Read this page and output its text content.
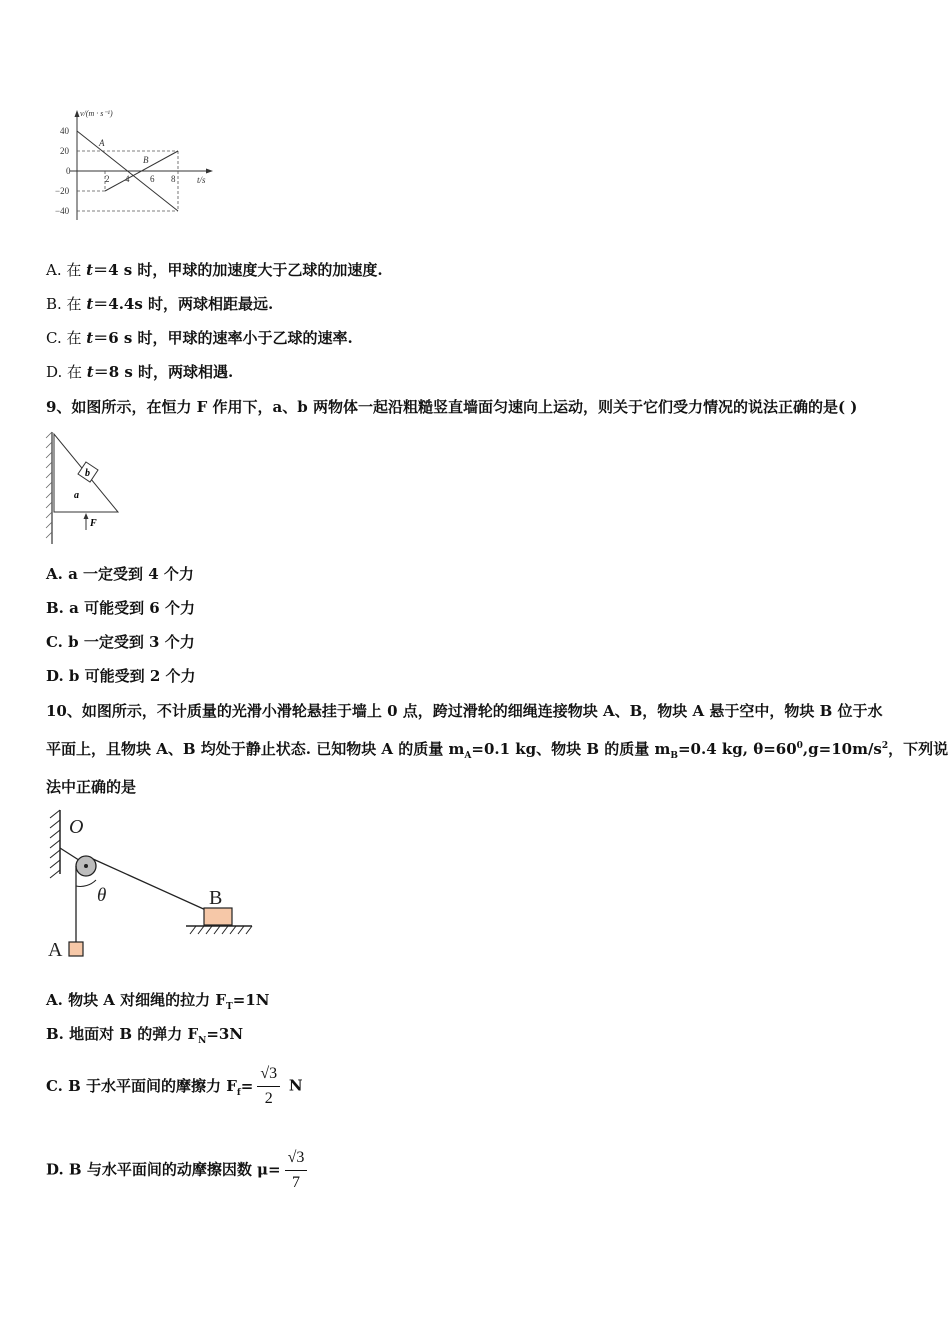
v/(m · s⁻¹)
t/s
40
20
0
−20
−40
2 4 6 8
A
B
A. 在 t＝4 s 时，甲球的加速度大于乙球的加速度.
B. 在 t＝4.4s 时，两球相距最远.
C. 在 t＝6 s 时，甲球的速率小于乙球的速率.
D. 在 t＝8 s 时，两球相遇.
9、如图所示，在恒力 F 作用下，a、b 两物体一起沿粗糙竖直墙面匀速向上运动，则关于它们受力情况的说法正确的是( )
b
a
F
A. a 一定受到 4 个力
B. a 可能受到 6 个力
C. b 一定受到 3 个力
D. b 可能受到 2 个力
10、如图所示，不计质量的光滑小滑轮悬挂于墙上 0 点，跨过滑轮的细绳连接物块 A、B，物块 A 悬于空中，物块 B 位于水
平面上，且物块 A、B 均处于静止状态. 已知物块 A 的质量 $m_A=0.1$ kg、物块 B 的质量 $m_B=0.4$ kg, $\theta=60^0,g=10m/s^2$，下列说
法中正确的是
O
θ	B
A
A. 物块 A 对细绳的拉力 $F_T=1N$
B. 地面对 B 的弹力 $F_N=3N$
C. B 于水平面间的摩擦力 $F_f= \frac{√3}{2}$ N
D. B 与水平面间的动摩擦因数 $\mu= \frac{√3}{7}$
